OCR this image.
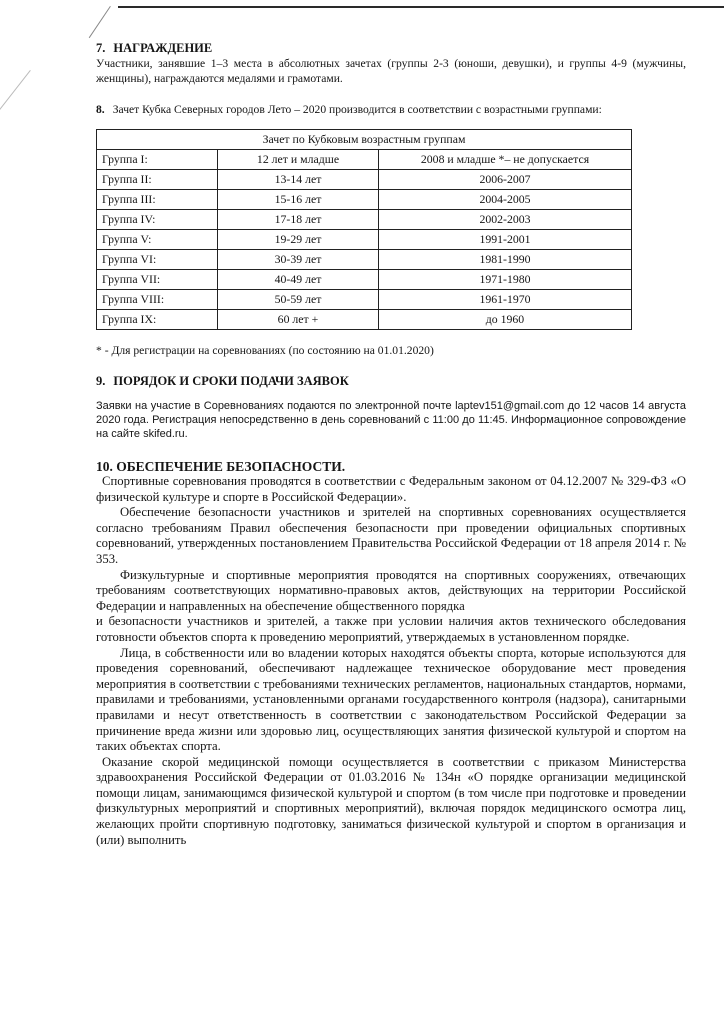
7. НАГРАЖДЕНИЕ

Участники, занявшие 1–3 места в абсолютных зачетах (группы 2-3 (юноши, девушки), и группы 4-9 (мужчины, женщины), награждаются медалями и грамотами.

8. Зачет Кубка Северных городов Лето – 2020 производится в соответствии с возрастными группами:

Зачет по Кубковым возрастным группам		
Группа I:	12 лет и младше	2008 и младше *– не допускается
Группа II:	13-14 лет	2006-2007
Группа III:	15-16 лет	2004-2005
Группа IV:	17-18 лет	2002-2003
Группа V:	19-29 лет	1991-2001
Группа VI:	30-39 лет	1981-1990
Группа VII:	40-49 лет	1971-1980
Группа VIII:	50-59 лет	1961-1970
Группа IX:	60 лет +	до 1960

* - Для регистрации на соревнованиях (по состоянию на 01.01.2020)

9. ПОРЯДОК И СРОКИ ПОДАЧИ ЗАЯВОК

Заявки на участие в Соревнованиях подаются по электронной почте laptev151@gmail.com до 12 часов 14 августа 2020 года. Регистрация непосредственно в день соревнований с 11:00 до 11:45. Информационное сопровождение на сайте skifed.ru.

10. ОБЕСПЕЧЕНИЕ БЕЗОПАСНОСТИ.

Спортивные соревнования проводятся в соответствии с Федеральным законом от 04.12.2007 № 329-ФЗ «О физической культуре и спорте в Российской Федерации».

Обеспечение безопасности участников и зрителей на спортивных соревнованиях осуществляется согласно требованиям Правил обеспечения безопасности при проведении официальных спортивных соревнований, утвержденных постановлением Правительства Российской Федерации от 18 апреля 2014 г. № 353.

Физкультурные и спортивные мероприятия проводятся на спортивных сооружениях, отвечающих требованиям соответствующих нормативно-правовых актов, действующих на территории Российской Федерации и направленных на обеспечение общественного порядка

и безопасности участников и зрителей, а также при условии наличия актов технического обследования готовности объектов спорта к проведению мероприятий, утверждаемых в установленном порядке.

Лица, в собственности или во владении которых находятся объекты спорта, которые используются для проведения соревнований, обеспечивают надлежащее техническое оборудование мест проведения мероприятия в соответствии с требованиями технических регламентов, национальных стандартов, нормами, правилами и требованиями, установленными органами государственного контроля (надзора), санитарными правилами и несут ответственность в соответствии с законодательством Российской Федерации за причинение вреда жизни или здоровью лиц, осуществляющих занятия физической культурой и спортом на таких объектах спорта.

Оказание скорой медицинской помощи осуществляется в соответствии с приказом Министерства здравоохранения Российской Федерации от 01.03.2016 № 134н «О порядке организации медицинской помощи лицам, занимающимся физической культурой и спортом (в том числе при подготовке и проведении физкультурных мероприятий и спортивных мероприятий), включая порядок медицинского осмотра лиц, желающих пройти спортивную подготовку, заниматься физической культурой и спортом в организация и (или) выполнить
